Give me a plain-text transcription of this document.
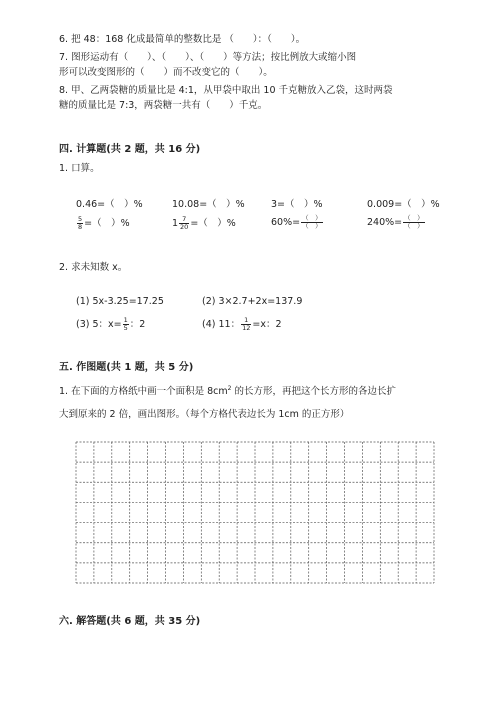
6. 把 48：168 化成最简单的整数比是 （　　）：（　　）。
7. 图形运动有（　　）、（　　）、（　　）等方法；按比例放大或缩小图
形可以改变图形的（　　）而不改变它的（　　）。
8. 甲、乙两袋糖的质量比是 4:1，从甲袋中取出 10 千克糖放入乙袋，这时两袋
糖的质量比是 7:3，两袋糖一共有（　　）千克。
四. 计算题(共 2 题，共 16 分)
1. 口算。
0.46=（　）%	10.08=（　）%	3=（　）%	0.009=（　）%
$\frac{5}{8}$ =（　）%	$1 \frac{7}{20}$ =（　）%	$60\%= \frac{( )}{( )}$	$240\%= \frac{( )}{( )}$
2. 求未知数 x。
(1) 5x-3.25=17.25	(2) 3×2.7+2x=137.9
(3) 5：$x= \frac{1}{5}$ ：2	(4) 11： $\frac{1}{12} =x$：2
五. 作图题(共 1 题，共 5 分)
1. 在下面的方格纸中画一个面积是 $8cm^2$ 的长方形，再把这个长方形的各边长扩
大到原来的 2 倍，画出图形。（每个方格代表边长为 1cm 的正方形）
六. 解答题(共 6 题，共 35 分)
